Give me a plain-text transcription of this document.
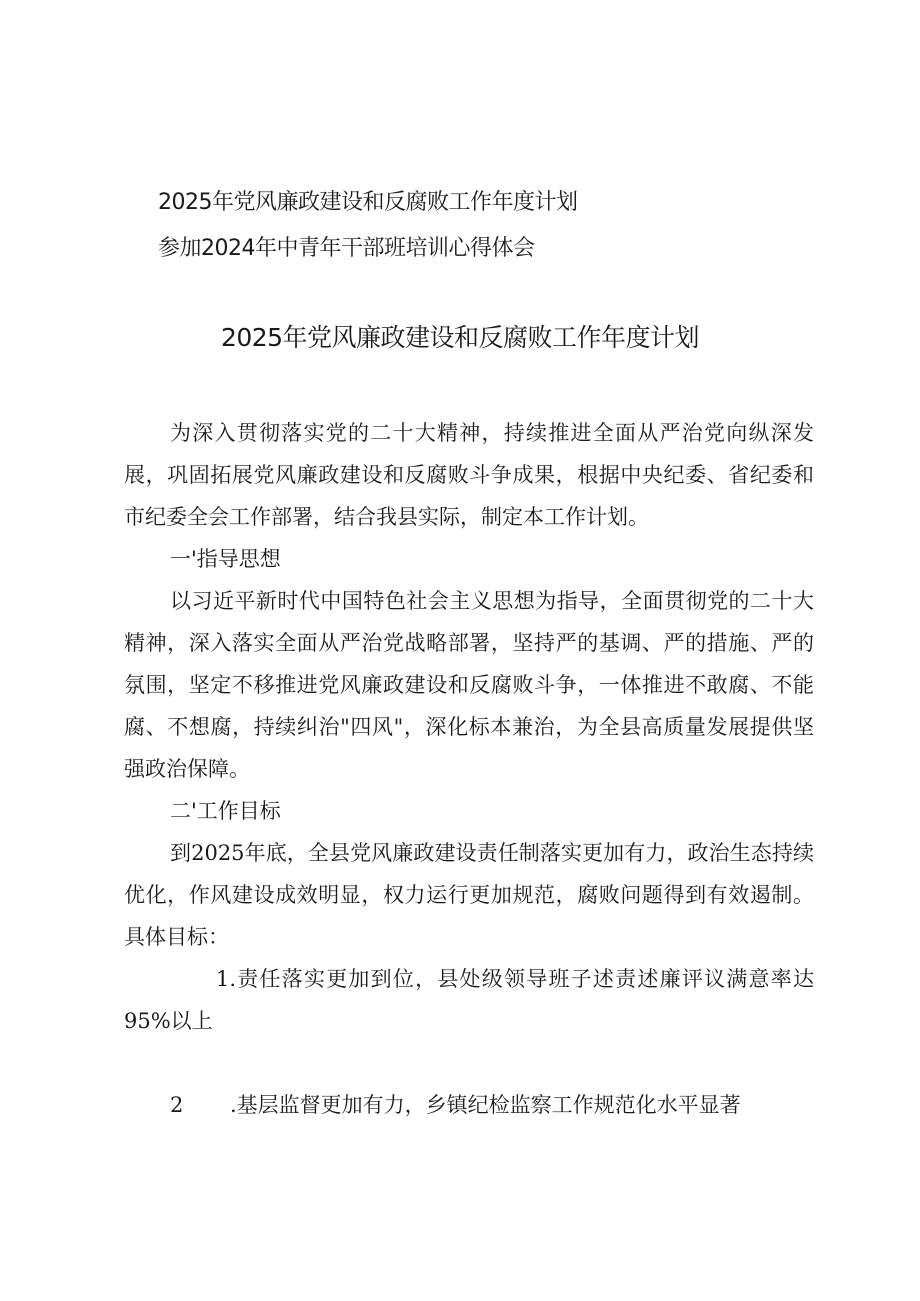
2025年党风廉政建设和反腐败工作年度计划
参加2024年中青年干部班培训心得体会
2025年党风廉政建设和反腐败工作年度计划

为深入贯彻落实党的二十大精神，持续推进全面从严治党向纵深发展，巩固拓展党风廉政建设和反腐败斗争成果，根据中央纪委、省纪委和市纪委全会工作部署，结合我县实际，制定本工作计划。

一'指导思想

以习近平新时代中国特色社会主义思想为指导，全面贯彻党的二十大精神，深入落实全面从严治党战略部署，坚持严的基调、严的措施、严的氛围，坚定不移推进党风廉政建设和反腐败斗争，一体推进不敢腐、不能腐、不想腐，持续纠治"四风"，深化标本兼治，为全县高质量发展提供坚强政治保障。

二'工作目标

到2025年底，全县党风廉政建设责任制落实更加有力，政治生态持续优化，作风建设成效明显，权力运行更加规范，腐败问题得到有效遏制。具体目标：

1.责任落实更加到位，县处级领导班子述责述廉评议满意率达95%以上

2 .基层监督更加有力，乡镇纪检监察工作规范化水平显著
